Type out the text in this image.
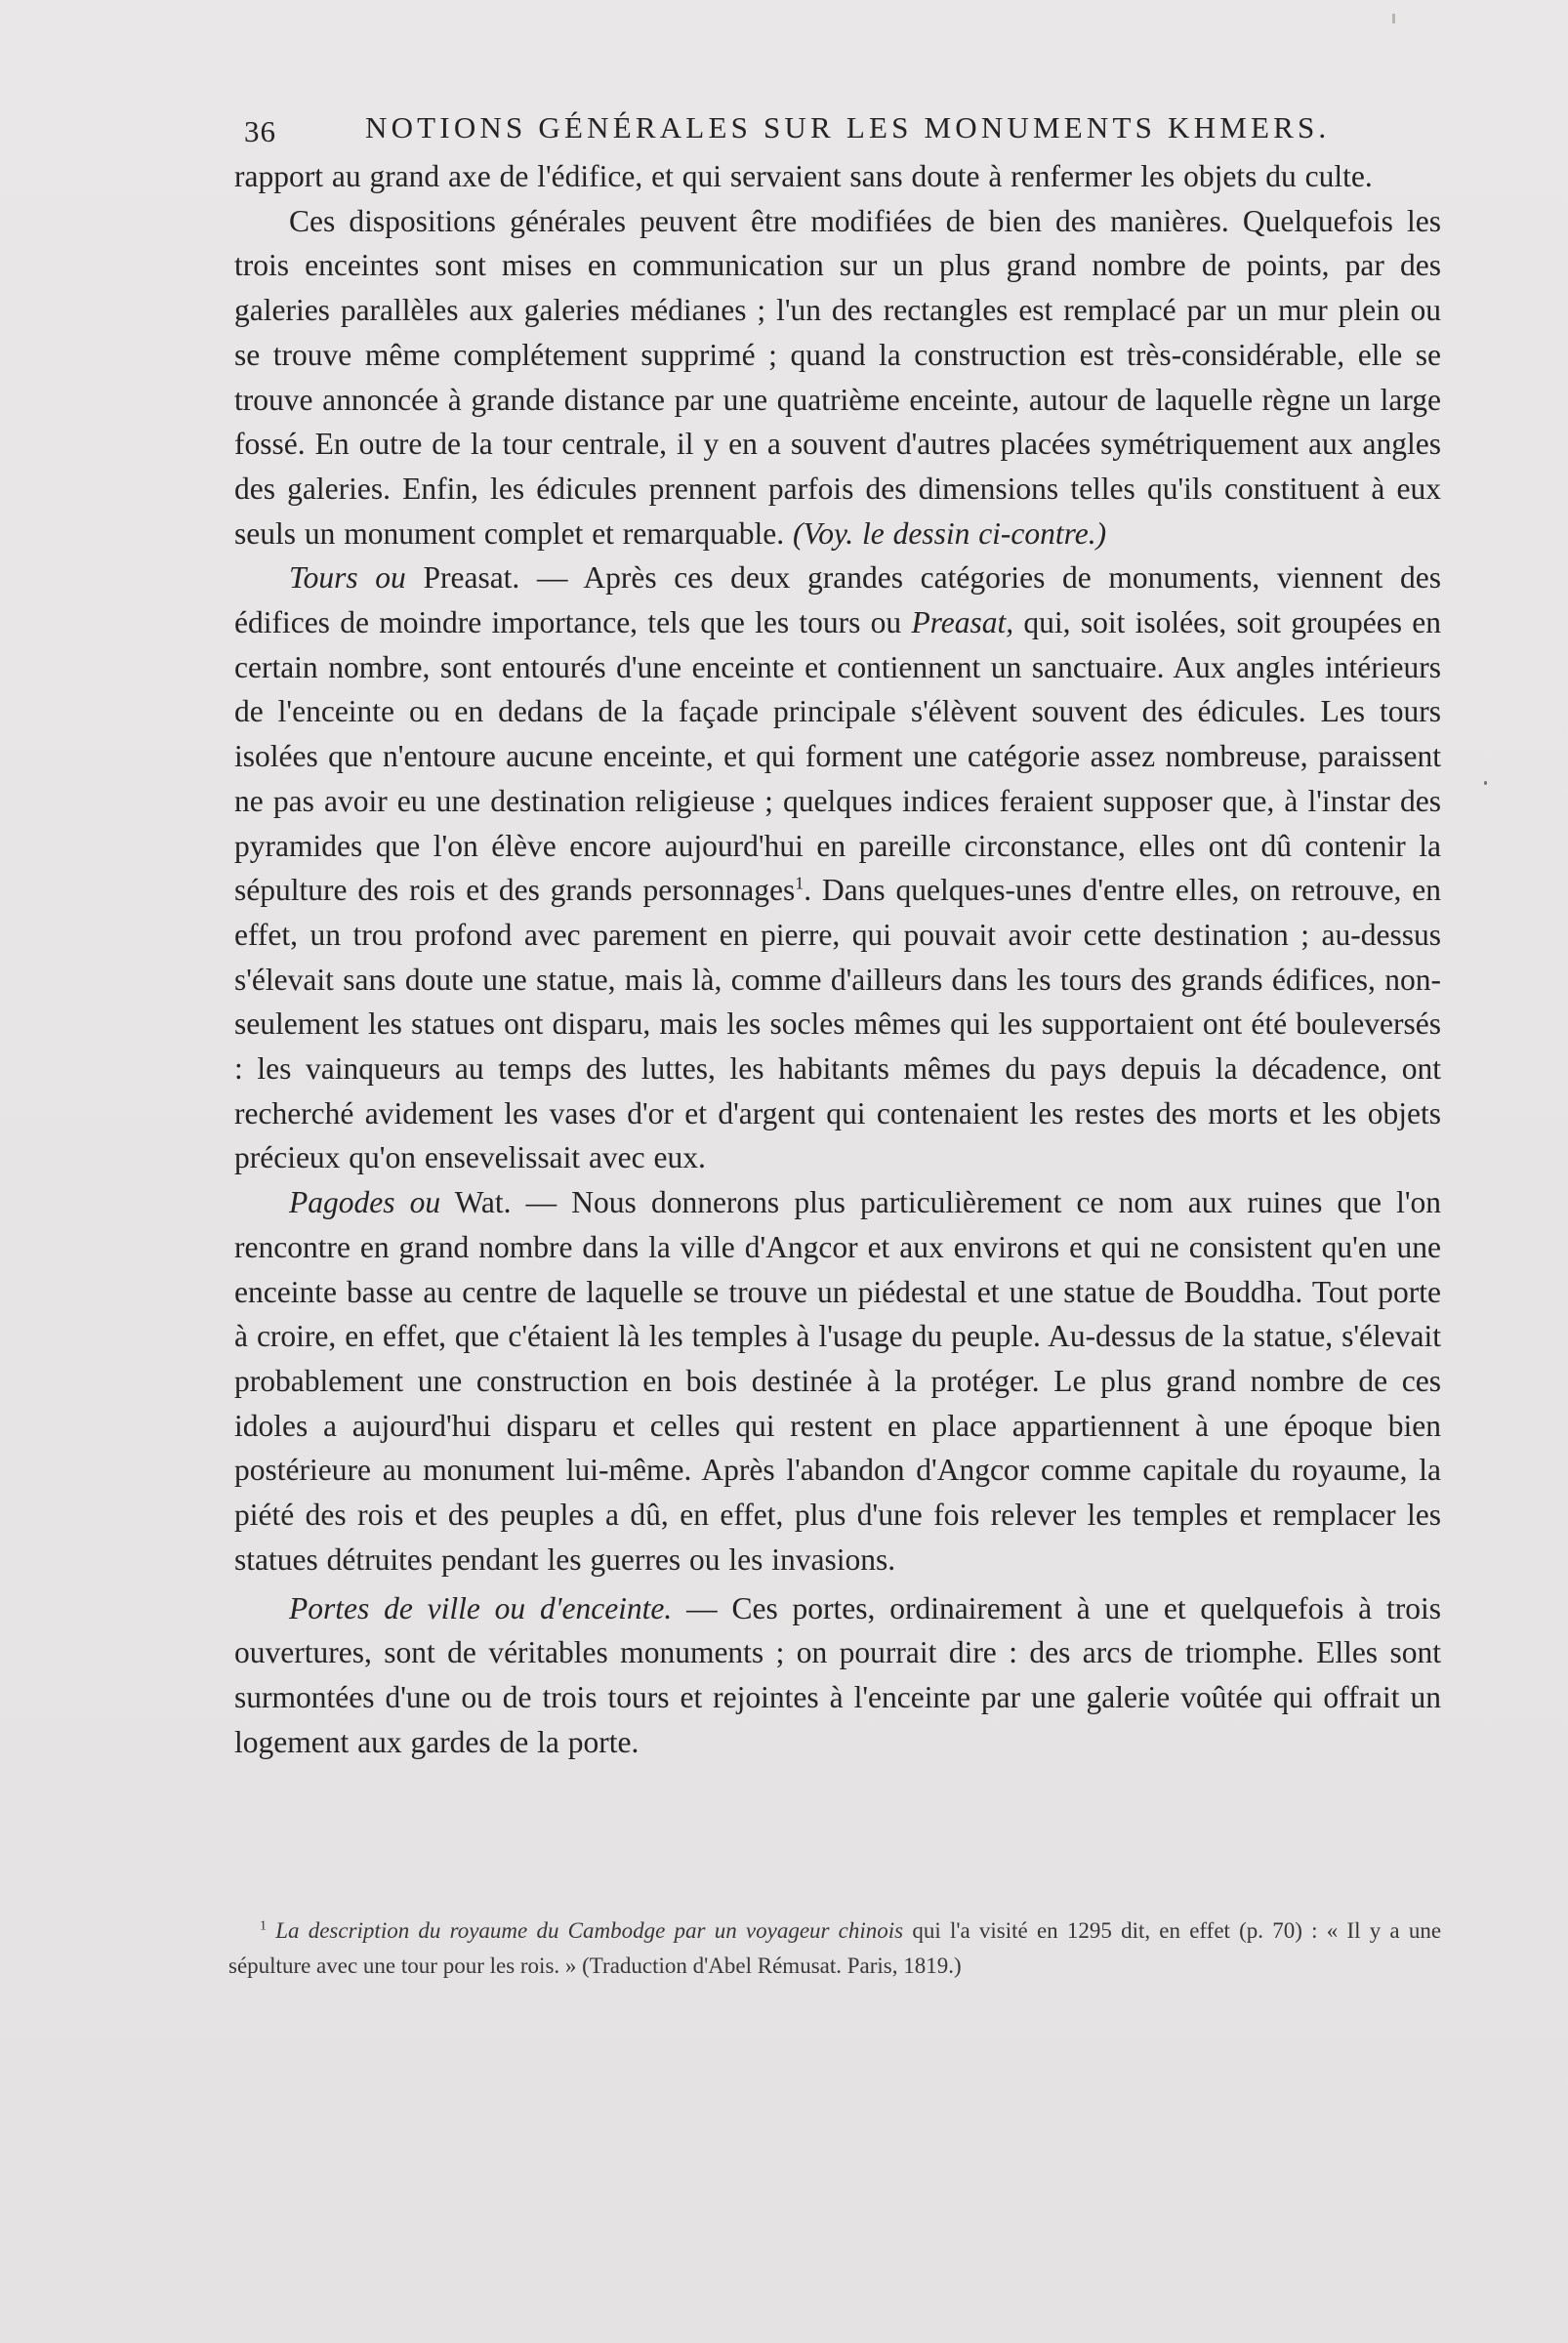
36	NOTIONS GÉNÉRALES SUR LES MONUMENTS KHMERS.

rapport au grand axe de l'édifice, et qui servaient sans doute à renfermer les objets du culte.

Ces dispositions générales peuvent être modifiées de bien des manières. Quelquefois les trois enceintes sont mises en communication sur un plus grand nombre de points, par des galeries parallèles aux galeries médianes ; l'un des rectangles est remplacé par un mur plein ou se trouve même complétement supprimé ; quand la construction est très-considérable, elle se trouve annoncée à grande distance par une quatrième enceinte, autour de laquelle règne un large fossé. En outre de la tour centrale, il y en a souvent d'autres placées symétriquement aux angles des galeries. Enfin, les édicules prennent parfois des dimensions telles qu'ils constituent à eux seuls un monument complet et remarquable. (Voy. le dessin ci-contre.)

Tours ou Preasat. — Après ces deux grandes catégories de monuments, viennent des édifices de moindre importance, tels que les tours ou Preasat, qui, soit isolées, soit groupées en certain nombre, sont entourés d'une enceinte et contiennent un sanctuaire. Aux angles intérieurs de l'enceinte ou en dedans de la façade principale s'élèvent souvent des édicules. Les tours isolées que n'entoure aucune enceinte, et qui forment une catégorie assez nombreuse, paraissent ne pas avoir eu une destination religieuse ; quelques indices feraient supposer que, à l'instar des pyramides que l'on élève encore aujourd'hui en pareille circonstance, elles ont dû contenir la sépulture des rois et des grands personnages$^1$. Dans quelques-unes d'entre elles, on retrouve, en effet, un trou profond avec parement en pierre, qui pouvait avoir cette destination ; au-dessus s'élevait sans doute une statue, mais là, comme d'ailleurs dans les tours des grands édifices, non-seulement les statues ont disparu, mais les socles mêmes qui les supportaient ont été bouleversés : les vainqueurs au temps des luttes, les habitants mêmes du pays depuis la décadence, ont recherché avidement les vases d'or et d'argent qui contenaient les restes des morts et les objets précieux qu'on ensevelissait avec eux.

Pagodes ou Wat. — Nous donnerons plus particulièrement ce nom aux ruines que l'on rencontre en grand nombre dans la ville d'Angcor et aux environs et qui ne consistent qu'en une enceinte basse au centre de laquelle se trouve un piédestal et une statue de Bouddha. Tout porte à croire, en effet, que c'étaient là les temples à l'usage du peuple. Au-dessus de la statue, s'élevait probablement une construction en bois destinée à la protéger. Le plus grand nombre de ces idoles a aujourd'hui disparu et celles qui restent en place appartiennent à une époque bien postérieure au monument lui-même. Après l'abandon d'Angcor comme capitale du royaume, la piété des rois et des peuples a dû, en effet, plus d'une fois relever les temples et remplacer les statues détruites pendant les guerres ou les invasions.

Portes de ville ou d'enceinte. — Ces portes, ordinairement à une et quelquefois à trois ouvertures, sont de véritables monuments ; on pourrait dire : des arcs de triomphe. Elles sont surmontées d'une ou de trois tours et rejointes à l'enceinte par une galerie voûtée qui offrait un logement aux gardes de la porte.

$^1$ La description du royaume du Cambodge par un voyageur chinois qui l'a visité en 1295 dit, en effet (p. 70) : « Il y a une sépulture avec une tour pour les rois. » (Traduction d'Abel Rémusat. Paris, 1819.)
